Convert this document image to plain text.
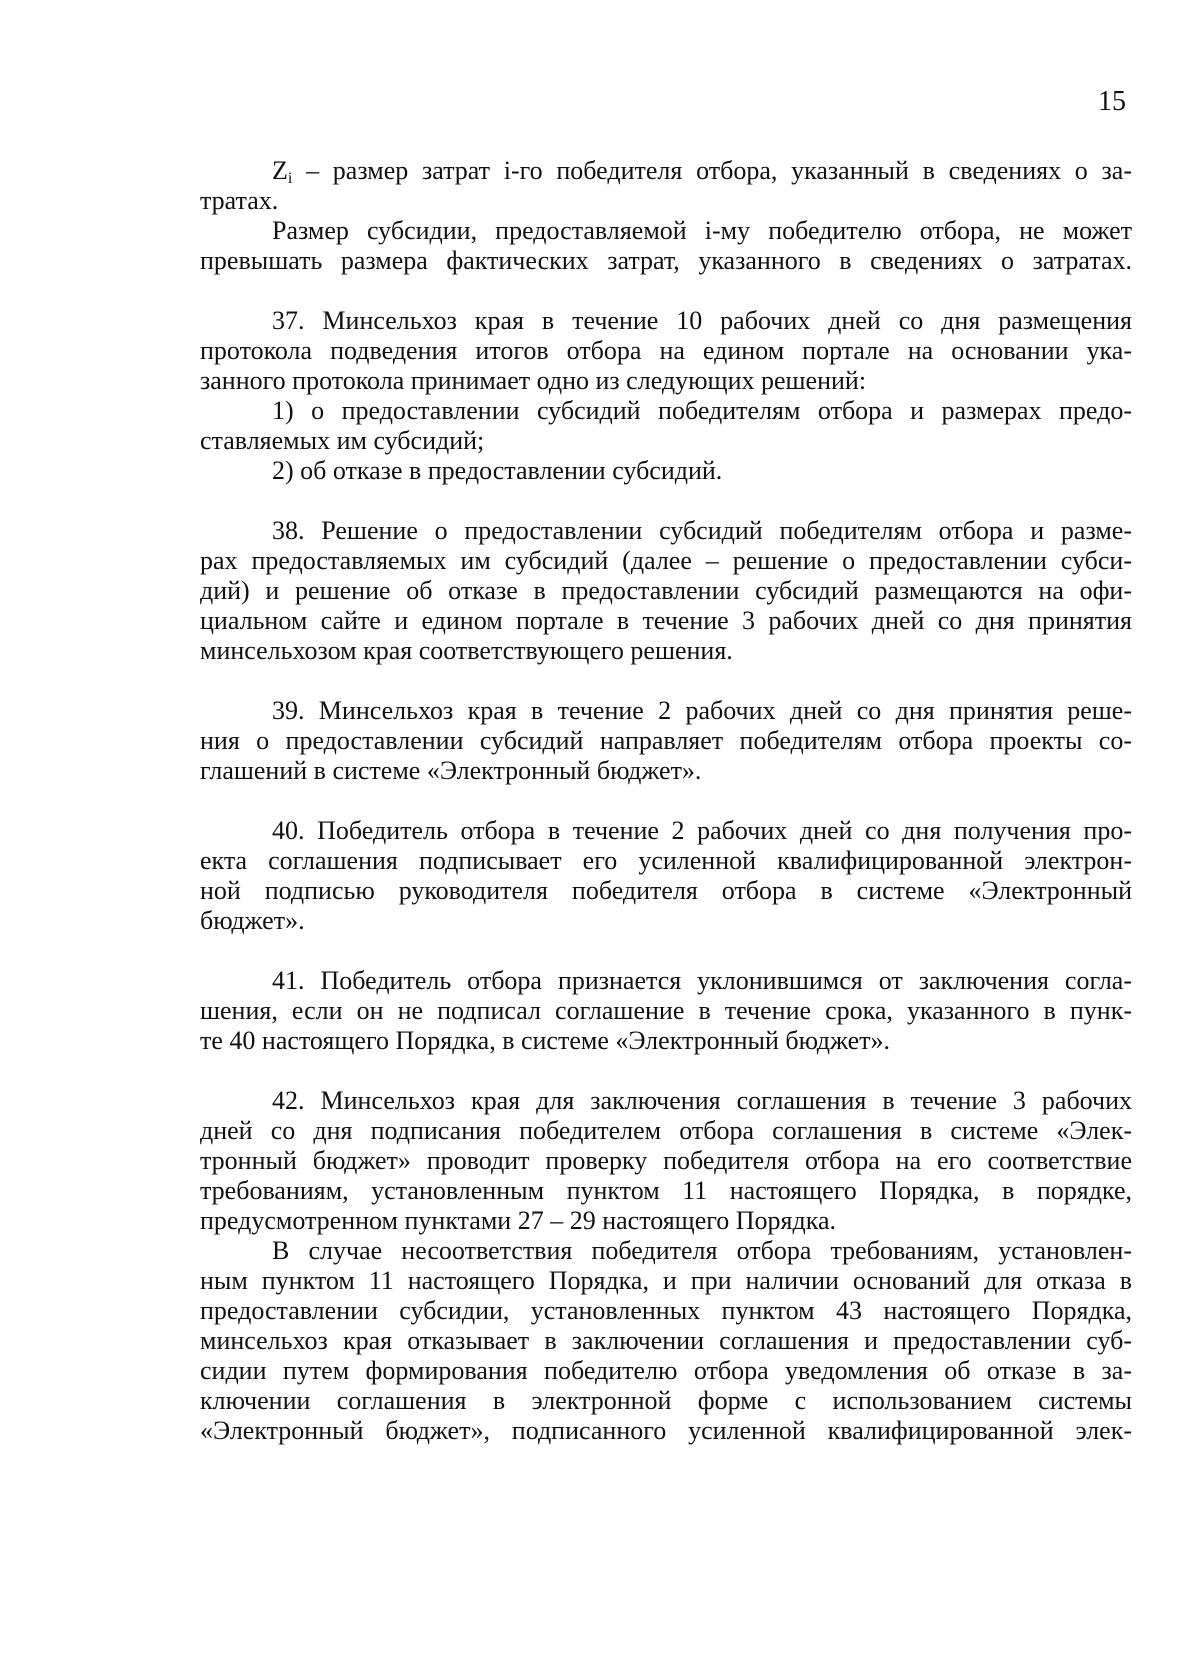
15
$Z_i$ – размер затрат i-го победителя отбора, указанный в сведениях о за-
тратах.
Размер субсидии, предоставляемой i-му победителю отбора, не может
превышать размера фактических затрат, указанного в сведениях о затратах.
37. Минсельхоз края в течение 10 рабочих дней со дня размещения
протокола подведения итогов отбора на едином портале на основании ука-
занного протокола принимает одно из следующих решений:
1) о предоставлении субсидий победителям отбора и размерах предо-
ставляемых им субсидий;
2) об отказе в предоставлении субсидий.
38. Решение о предоставлении субсидий победителям отбора и разме-
рах предоставляемых им субсидий (далее – решение о предоставлении субси-
дий) и решение об отказе в предоставлении субсидий размещаются на офи-
циальном сайте и едином портале в течение 3 рабочих дней со дня принятия
минсельхозом края соответствующего решения.
39. Минсельхоз края в течение 2 рабочих дней со дня принятия реше-
ния о предоставлении субсидий направляет победителям отбора проекты со-
глашений в системе «Электронный бюджет».
40. Победитель отбора в течение 2 рабочих дней со дня получения про-
екта соглашения подписывает его усиленной квалифицированной электрон-
ной подписью руководителя победителя отбора в системе «Электронный
бюджет».
41. Победитель отбора признается уклонившимся от заключения согла-
шения, если он не подписал соглашение в течение срока, указанного в пунк-
те 40 настоящего Порядка, в системе «Электронный бюджет».
42. Минсельхоз края для заключения соглашения в течение 3 рабочих
дней со дня подписания победителем отбора соглашения в системе «Элек-
тронный бюджет» проводит проверку победителя отбора на его соответствие
требованиям, установленным пунктом 11 настоящего Порядка, в порядке,
предусмотренном пунктами 27 – 29 настоящего Порядка.
В случае несоответствия победителя отбора требованиям, установлен-
ным пунктом 11 настоящего Порядка, и при наличии оснований для отказа в
предоставлении субсидии, установленных пунктом 43 настоящего Порядка,
минсельхоз края отказывает в заключении соглашения и предоставлении суб-
сидии путем формирования победителю отбора уведомления об отказе в за-
ключении соглашения в электронной форме с использованием системы
«Электронный бюджет», подписанного усиленной квалифицированной элек-
